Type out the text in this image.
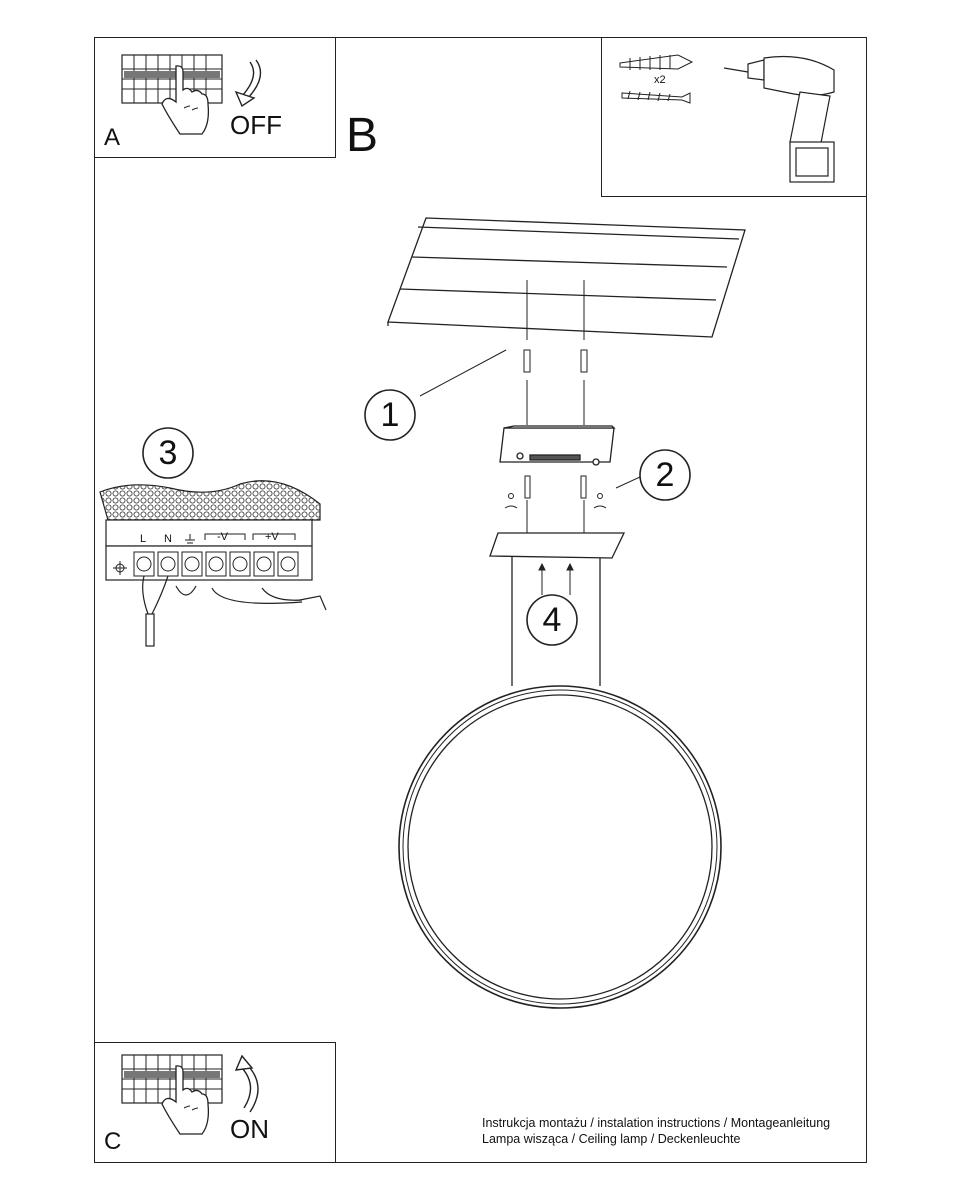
A	OFF B
C	ON
x2
1
2
3
4
L N	-V	+V
Instrukcja montażu / instalation instructions / Montageanleitung
Lampa wisząca / Ceiling lamp / Deckenleuchte
